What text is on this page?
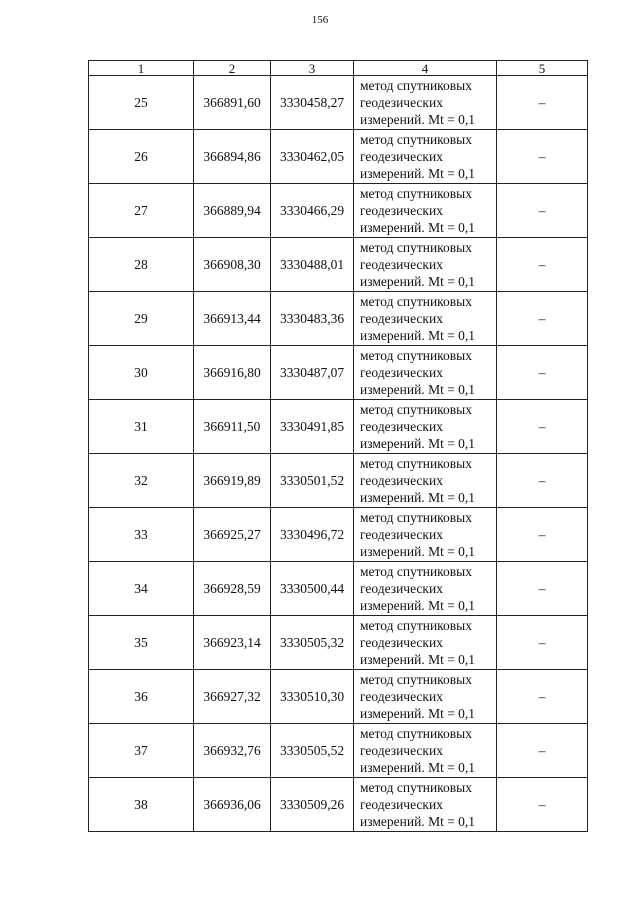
156
1	2	3	4	5
25	366891,60	3330458,27	метод спутниковых
геодезических
измерений. Mt = 0,1	–
26	366894,86	3330462,05	метод спутниковых
геодезических
измерений. Mt = 0,1	–
27	366889,94	3330466,29	метод спутниковых
геодезических
измерений. Mt = 0,1	–
28	366908,30	3330488,01	метод спутниковых
геодезических
измерений. Mt = 0,1	–
29	366913,44	3330483,36	метод спутниковых
геодезических
измерений. Mt = 0,1	–
30	366916,80	3330487,07	метод спутниковых
геодезических
измерений. Mt = 0,1	–
31	366911,50	3330491,85	метод спутниковых
геодезических
измерений. Mt = 0,1	–
32	366919,89	3330501,52	метод спутниковых
геодезических
измерений. Mt = 0,1	–
33	366925,27	3330496,72	метод спутниковых
геодезических
измерений. Mt = 0,1	–
34	366928,59	3330500,44	метод спутниковых
геодезических
измерений. Mt = 0,1	–
35	366923,14	3330505,32	метод спутниковых
геодезических
измерений. Mt = 0,1	–
36	366927,32	3330510,30	метод спутниковых
геодезических
измерений. Mt = 0,1	–
37	366932,76	3330505,52	метод спутниковых
геодезических
измерений. Mt = 0,1	–
38	366936,06	3330509,26	метод спутниковых
геодезических
измерений. Mt = 0,1	–
